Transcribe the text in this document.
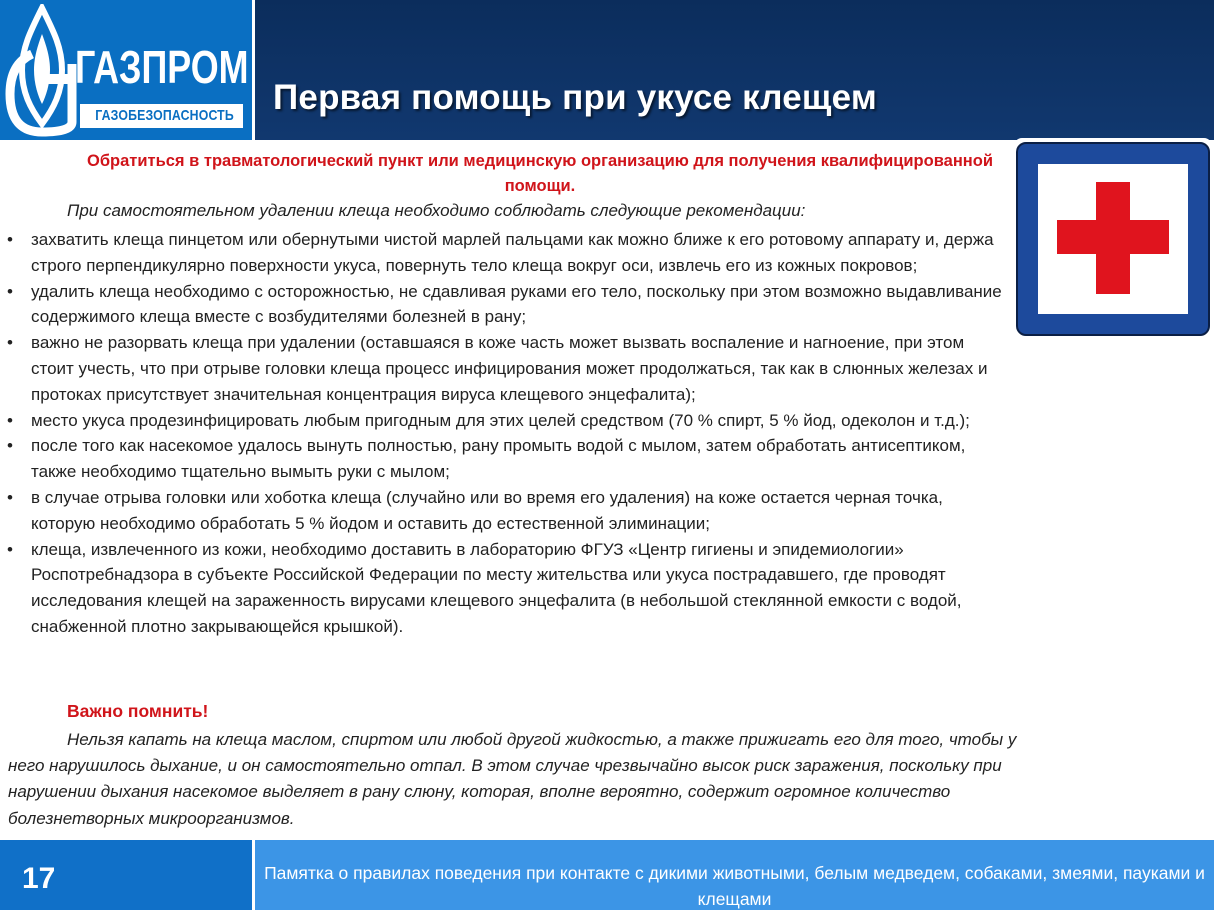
ГАЗПРОМ
ГАЗОБЕЗОПАСНОСТЬ	Первая помощь при укусе клещем

Обратиться в травматологический пункт или медицинскую организацию для получения квалифицированной помощи.

При самостоятельном удалении клеща необходимо соблюдать следующие рекомендации:

• захватить клеща пинцетом или обернутыми чистой марлей пальцами как можно ближе к его ротовому аппарату и, держа строго перпендикулярно поверхности укуса, повернуть тело клеща вокруг оси, извлечь его из кожных покровов;
• удалить клеща необходимо с осторожностью, не сдавливая руками его тело, поскольку при этом возможно выдавливание содержимого клеща вместе с возбудителями болезней в рану;
• важно не разорвать клеща при удалении (оставшаяся в коже часть может вызвать воспаление и нагноение, при этом стоит учесть, что при отрыве головки клеща процесс инфицирования может продолжаться, так как в слюнных железах и протоках присутствует значительная концентрация вируса клещевого энцефалита);
• место укуса продезинфицировать любым пригодным для этих целей средством (70 % спирт, 5 % йод, одеколон и т.д.);
• после того как насекомое удалось вынуть полностью, рану промыть водой с мылом, затем обработать антисептиком, также необходимо тщательно вымыть руки с мылом;
• в случае отрыва головки или хоботка клеща (случайно или во время его удаления) на коже остается черная точка, которую необходимо обработать 5 % йодом и оставить до естественной элиминации;
• клеща, извлеченного из кожи, необходимо доставить в лабораторию ФГУЗ «Центр гигиены и эпидемиологии» Роспотребнадзора в субъекте Российской Федерации по месту жительства или укуса пострадавшего, где проводят исследования клещей на зараженность вирусами клещевого энцефалита (в небольшой стеклянной емкости с водой, снабженной плотно закрывающейся крышкой).

Важно помнить!

Нельзя капать на клеща маслом, спиртом или любой другой жидкостью, а также прижигать его для того, чтобы у него нарушилось дыхание, и он самостоятельно отпал. В этом случае чрезвычайно высок риск заражения, поскольку при нарушении дыхания насекомое выделяет в рану слюну, которая, вполне вероятно, содержит огромное количество болезнетворных микроорганизмов.

17	Памятка о правилах поведения при контакте с дикими животными, белым медведем, собаками, змеями, пауками и клещами
